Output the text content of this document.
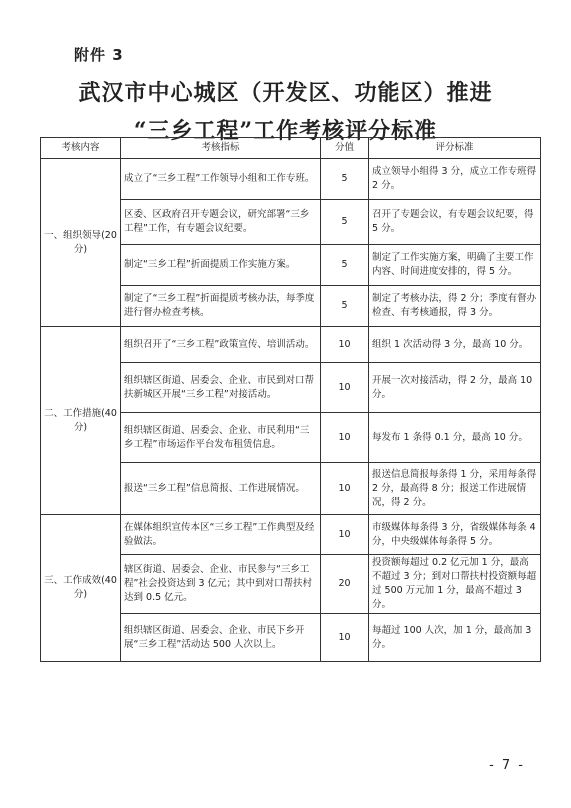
附件 3
武汉市中心城区（开发区、功能区）推进
“三乡工程”工作考核评分标准
考核内容	考核指标	分值	评分标准
一、组织领导(20分)	成立了“三乡工程”工作领导小组和工作专班。	5	成立领导小组得 3 分，成立工作专班得 2 分。
	区委、区政府召开专题会议，研究部署“三乡工程”工作，有专题会议纪要。	5	召开了专题会议，有专题会议纪要，得 5 分。
	制定“三乡工程”折面提质工作实施方案。	5	制定了工作实施方案，明确了主要工作内容、时间进度安排的，得 5 分。
	制定了“三乡工程”折面提质考核办法，每季度进行督办检查考核。	5	制定了考核办法，得 2 分；季度有督办检查、有考核通报，得 3 分。
二、工作措施(40分)	组织召开了“三乡工程”政策宣传、培训活动。	10	组织 1 次活动得 3 分，最高 10 分。
	组织辖区街道、居委会、企业、市民到对口帮扶新城区开展“三乡工程”对接活动。	10	开展一次对接活动，得 2 分，最高 10 分。
	组织辖区街道、居委会、企业、市民利用“三乡工程”市场运作平台发布租赁信息。	10	每发布 1 条得 0.1 分，最高 10 分。
	报送“三乡工程”信息简报、工作进展情况。	10	报送信息简报每条得 1 分，采用每条得 2 分，最高得 8 分；报送工作进展情况，得 2 分。
三、工作成效(40分)	在媒体组织宣传本区“三乡工程”工作典型及经验做法。	10	市级媒体每条得 3 分，省级媒体每条 4 分，中央级媒体每条得 5 分。
	辖区街道、居委会、企业、市民参与“三乡工程”社会投资达到 3 亿元；其中到对口帮扶村达到 0.5 亿元。	20	投资额每超过 0.2 亿元加 1 分，最高不超过 3 分；到对口帮扶村投资额每超过 500 万元加 1 分，最高不超过 3 分。
	组织辖区街道、居委会、企业、市民下乡开展“三乡工程”活动达 500 人次以上。	10	每超过 100 人次，加 1 分，最高加 3 分。
- 7 -
